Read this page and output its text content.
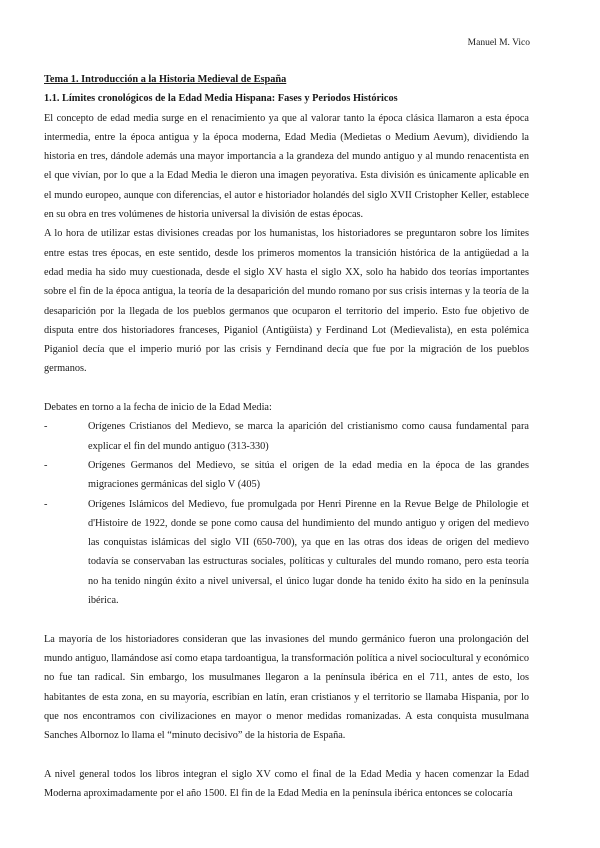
Manuel M. Vico

Tema 1. Introducción a la Historia Medieval de España

1.1. Límites cronológicos de la Edad Media Hispana: Fases y Periodos Históricos

El concepto de edad media surge en el renacimiento ya que al valorar tanto la época clásica llamaron a esta época intermedia, entre la época antigua y la época moderna, Edad Media (Medietas o Medium Aevum), dividiendo la historia en tres, dándole además una mayor importancia a la grandeza del mundo antiguo y al mundo renacentista en el que vivían, por lo que a la Edad Media le dieron una imagen peyorativa. Esta división es únicamente aplicable en el mundo europeo, aunque con diferencias, el autor e historiador holandés del siglo XVII Cristopher Keller, establece en su obra en tres volúmenes de historia universal la división de estas épocas.

A lo hora de utilizar estas divisiones creadas por los humanistas, los historiadores se preguntaron sobre los límites entre estas tres épocas, en este sentido, desde los primeros momentos la transición histórica de la antigüedad a la edad media ha sido muy cuestionada, desde el siglo XV hasta el siglo XX, solo ha habido dos teorías importantes sobre el fin de la época antigua, la teoría de la desaparición del mundo romano por sus crisis internas y la teoría de la desaparición por la llegada de los pueblos germanos que ocuparon el territorio del imperio. Esto fue objetivo de disputa entre dos historiadores franceses, Piganiol (Antigüista) y Ferdinand Lot (Medievalista), en esta polémica Piganiol decía que el imperio murió por las crisis y Ferndinand decía que fue por la migración de los pueblos germanos.

Debates en torno a la fecha de inicio de la Edad Media:

-	Orígenes Cristianos del Medievo, se marca la aparición del cristianismo como causa fundamental para explicar el fin del mundo antiguo (313-330)
-	Orígenes Germanos del Medievo, se sitúa el origen de la edad media en la época de las grandes migraciones germánicas del siglo V (405)
-	Orígenes Islámicos del Medievo, fue promulgada por Henri Pirenne en la Revue Belge de Philologie et d'Histoire de 1922, donde se pone como causa del hundimiento del mundo antiguo y origen del medievo las conquistas islámicas del siglo VII (650-700), ya que en las otras dos ideas de origen del medievo todavía se conservaban las estructuras sociales, políticas y culturales del mundo romano, pero esta teoría no ha tenido ningún éxito a nivel universal, el único lugar donde ha tenido éxito ha sido en la península ibérica.

La mayoría de los historiadores consideran que las invasiones del mundo germánico fueron una prolongación del mundo antiguo, llamándose así como etapa tardoantigua, la transformación política a nivel sociocultural y económico no fue tan radical. Sin embargo, los musulmanes llegaron a la península ibérica en el 711, antes de esto, los habitantes de esta zona, en su mayoría, escribían en latín, eran cristianos y el territorio se llamaba Hispania, por lo que nos encontramos con civilizaciones en mayor o menor medidas romanizadas. A esta conquista musulmana Sanches Albornoz lo llama el “minuto decisivo” de la historia de España.

A nivel general todos los libros integran el siglo XV como el final de la Edad Media y hacen comenzar la Edad Moderna aproximadamente por el año 1500. El fin de la Edad Media en la península ibérica entonces se colocaría
